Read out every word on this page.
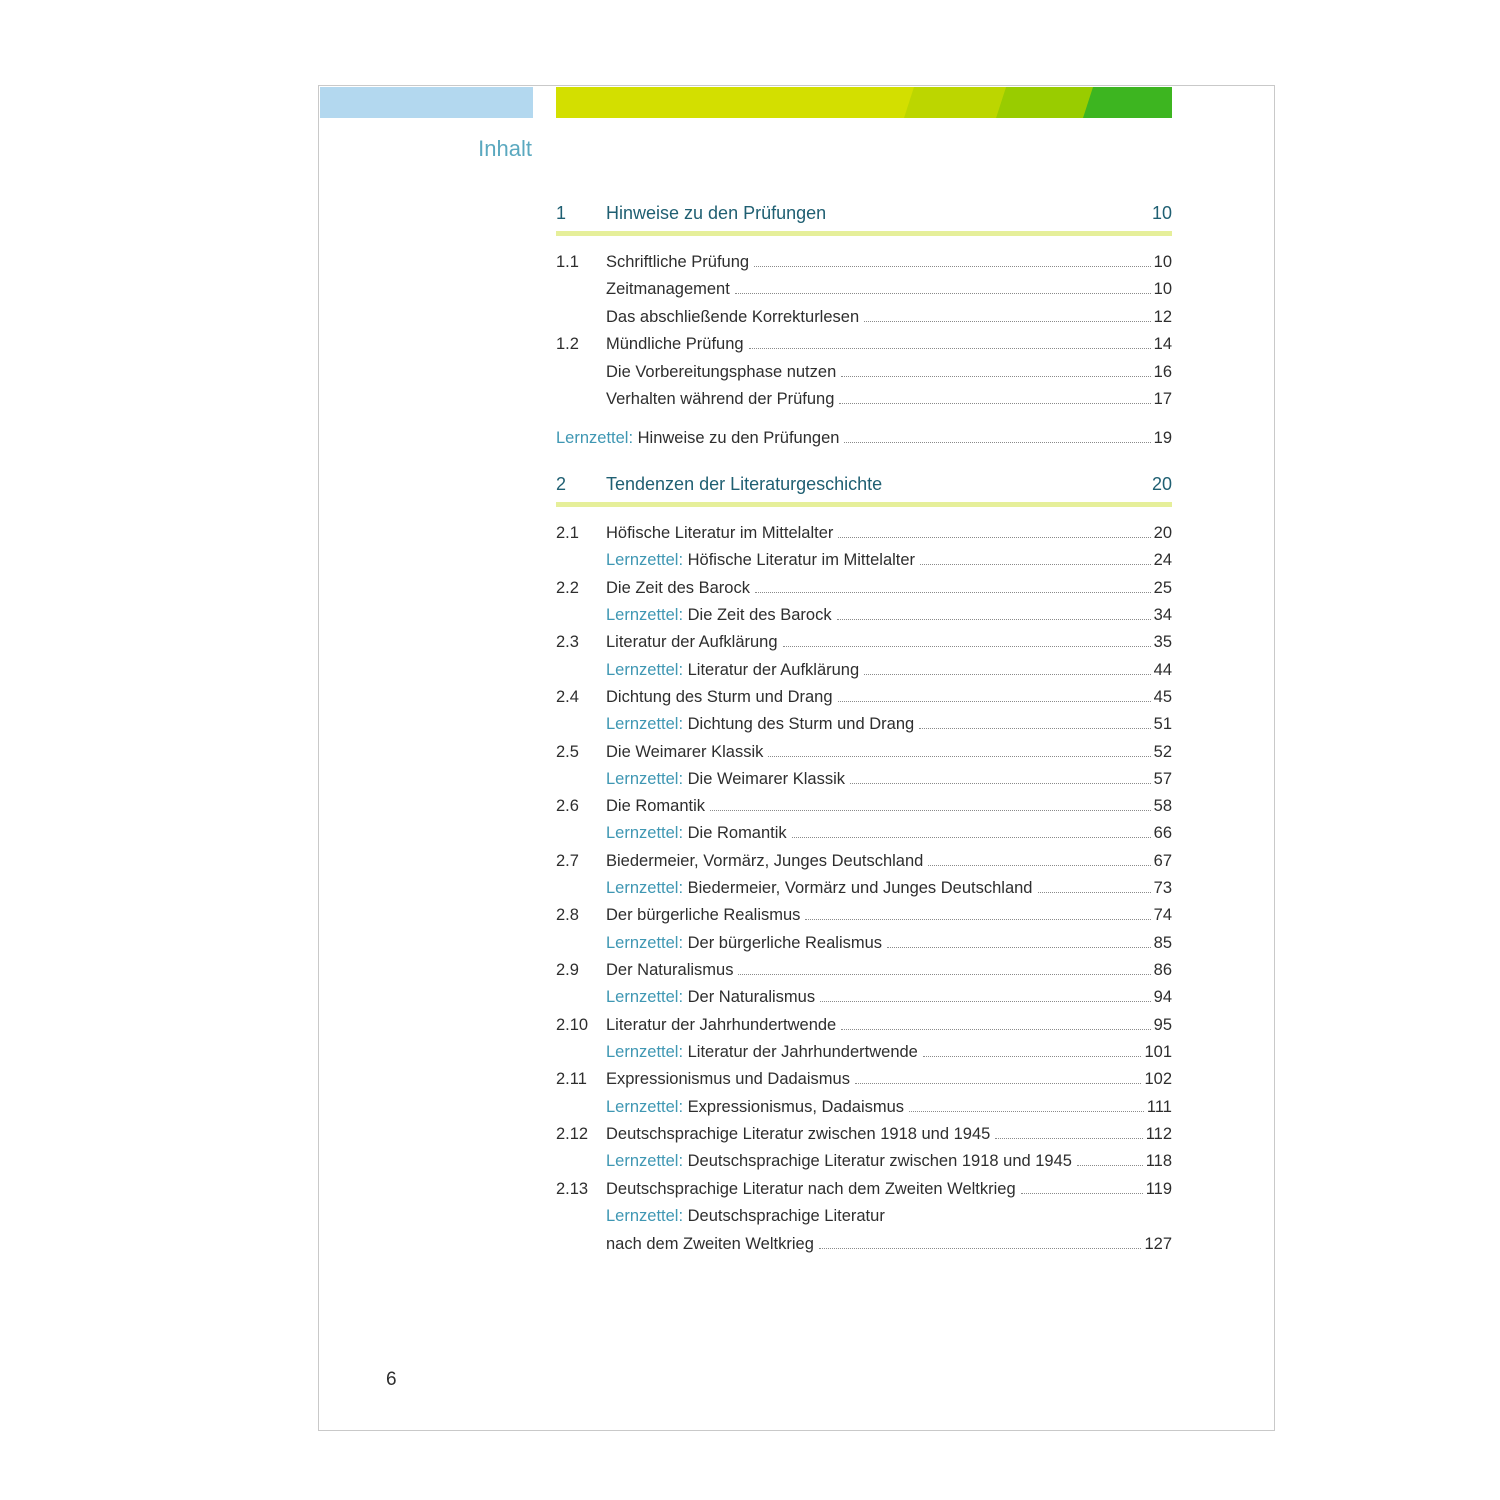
Inhalt
1 Hinweise zu den Prüfungen	10
1.1	Schriftliche Prüfung	10
Zeitmanagement	10
Das abschließende Korrekturlesen	12
1.2	Mündliche Prüfung	14
Die Vorbereitungsphase nutzen	16
Verhalten während der Prüfung	17
Lernzettel: Hinweise zu den Prüfungen	19
2 Tendenzen der Literaturgeschichte	20
2.1	Höfische Literatur im Mittelalter	20
Lernzettel: Höfische Literatur im Mittelalter	24
2.2	Die Zeit des Barock	25
Lernzettel: Die Zeit des Barock	34
2.3	Literatur der Aufklärung	35
Lernzettel: Literatur der Aufklärung	44
2.4	Dichtung des Sturm und Drang	45
Lernzettel: Dichtung des Sturm und Drang	51
2.5	Die Weimarer Klassik	52
Lernzettel: Die Weimarer Klassik	57
2.6	Die Romantik	58
Lernzettel: Die Romantik	66
2.7	Biedermeier, Vormärz, Junges Deutschland	67
Lernzettel: Biedermeier, Vormärz und Junges Deutschland	73
2.8	Der bürgerliche Realismus	74
Lernzettel: Der bürgerliche Realismus	85
2.9	Der Naturalismus	86
Lernzettel: Der Naturalismus	94
2.10	Literatur der Jahrhundertwende	95
Lernzettel: Literatur der Jahrhundertwende	101
2.11	Expressionismus und Dadaismus	102
Lernzettel: Expressionismus, Dadaismus	111
2.12	Deutschsprachige Literatur zwischen 1918 und 1945	112
Lernzettel: Deutschsprachige Literatur zwischen 1918 und 1945	118
2.13	Deutschsprachige Literatur nach dem Zweiten Weltkrieg	119
Lernzettel: Deutschsprachige Literatur
nach dem Zweiten Weltkrieg	127
6
